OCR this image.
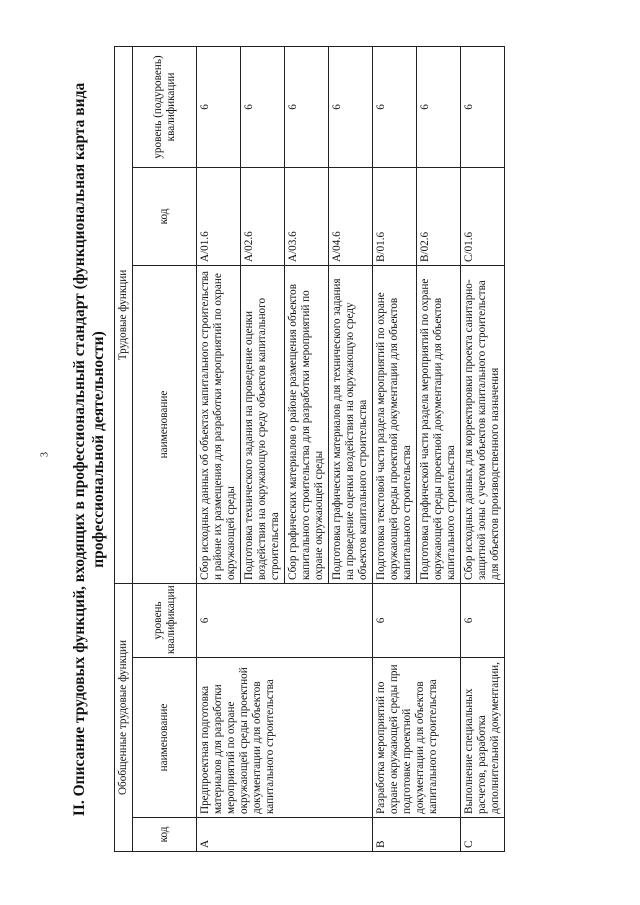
3 II. Описание трудовых функций, входящих в профессиональный стандарт (функциональная карта вида профессиональной деятельности)
Обобщенные трудовые функции			Трудовые функции		
код	наименование	уровень квалификации	наименование	код	уровень (подуровень) квалификации
A	Предпроектная подготовка материалов для разработки мероприятий по охране окружающей среды проектной документации для объектов капитального строительства	6	Сбор исходных данных об объектах капитального строительства и районе их размещения для разработки мероприятий по охране окружающей среды	A/01.6	6
			Подготовка технического задания на проведение оценки воздействия на окружающую среду объектов капитального строительства	A/02.6	6
			Сбор графических материалов о районе размещения объектов капитального строительства для разработки мероприятий по охране окружающей среды	A/03.6	6
			Подготовка графических материалов для технического задания на проведение оценки воздействия на окружающую среду объектов капитального строительства	A/04.6	6
B	Разработка мероприятий по охране окружающей среды при подготовке проектной документации для объектов капитального строительства	6	Подготовка текстовой части раздела мероприятий по охране окружающей среды проектной документации для объектов капитального строительства	B/01.6	6
			Подготовка графической части раздела мероприятий по охране окружающей среды проектной документации для объектов капитального строительства	B/02.6	6
C	Выполнение специальных расчетов, разработка дополнительной документации,	6	Сбор исходных данных для корректировки проекта санитарно-защитной зоны с учетом объектов капитального строительства для объектов производственного назначения	C/01.6	6
